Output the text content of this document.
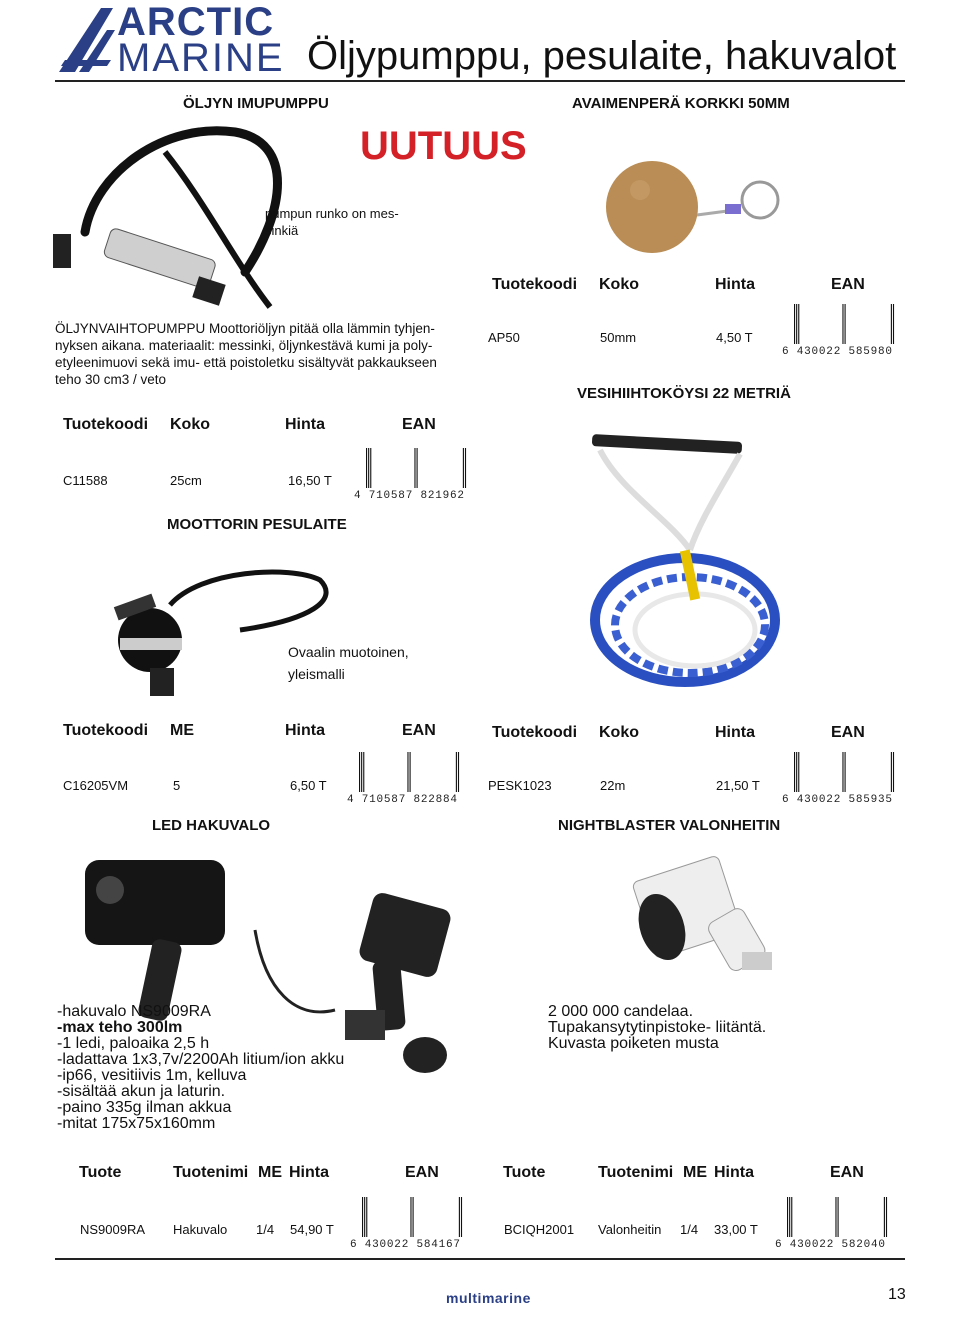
ARCTIC
MARINE Öljypumppu, pesulaite, hakuvalot
ÖLJYN IMUPUMPPU
UUTUUS
pumpun runko on mes-
sinkiä
ÖLJYNVAIHTOPUMPPU Moottoriöljyn pitää olla lämmin tyhjen-
nyksen aikana. materiaalit: messinki, öljynkestävä kumi ja poly-
etyleenimuovi sekä imu- että poistoletku sisältyvät pakkaukseen
teho 30 cm3 / veto
Tuotekoodi Koko	Hinta	EAN
C11588	25cm	16,50 T
4 710587 821962
AVAIMENPERÄ KORKKI 50MM
Tuotekoodi Koko	Hinta	EAN
AP50	50mm	4,50 T
6 430022 585980
VESIHIIHTOKÖYSI 22 METRIÄ
MOOTTORIN PESULAITE
Ovaalin muotoinen,
yleismalli
Tuotekoodi ME	Hinta	EAN
C16205VM	5	6,50 T
4 710587 822884
Tuotekoodi Koko	Hinta	EAN
PESK1023	22m	21,50 T
6 430022 585935
LED HAKUVALO
-hakuvalo NS9009RA
-max teho 300lm
-1 ledi, paloaika 2,5 h
-ladattava 1x3,7v/2200Ah litium/ion akku
-ip66, vesitiivis 1m, kelluva
-sisältää akun ja laturin.
-paino 335g ilman akkua
-mitat 175x75x160mm
NIGHTBLASTER VALONHEITIN
2 000 000 candelaa.
Tupakansytytinpistoke- liitäntä.
Kuvasta poiketen musta
Tuote	Tuotenimi ME Hinta	EAN	Tuote	Tuotenimi ME Hinta	EAN
NS9009RA Hakuvalo 1/4 54,90 T
6 430022 584167
BCIQH2001 Valonheitin 1/4 33,00 T
6 430022 582040
multimarine	13
